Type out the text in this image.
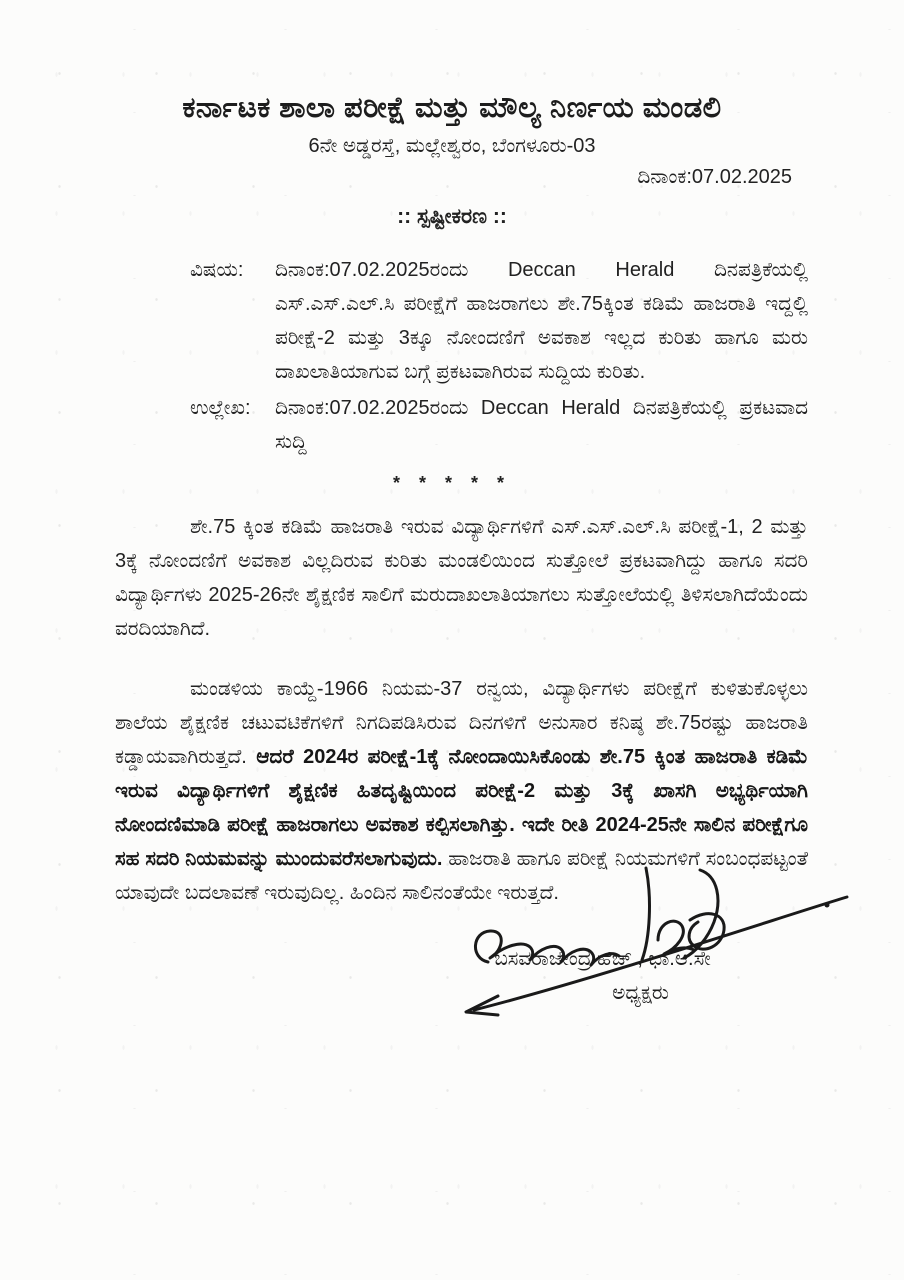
ಕರ್ನಾಟಕ ಶಾಲಾ ಪರೀಕ್ಷೆ ಮತ್ತು ಮೌಲ್ಯ ನಿರ್ಣಯ ಮಂಡಲಿ
6ನೇ ಅಡ್ಡರಸ್ತೆ, ಮಲ್ಲೇಶ್ವರಂ, ಬೆಂಗಳೂರು-03
ದಿನಾಂಕ:07.02.2025
:: ಸ್ಪಷ್ಟೀಕರಣ ::
ವಿಷಯ:	ದಿನಾಂಕ:07.02.2025ರಂದು Deccan Herald ದಿನಪತ್ರಿಕೆಯಲ್ಲಿ ಎಸ್.ಎಸ್.ಎಲ್.ಸಿ ಪರೀಕ್ಷೆಗೆ ಹಾಜರಾಗಲು ಶೇ.75ಕ್ಕಿಂತ ಕಡಿಮೆ ಹಾಜರಾತಿ ಇದ್ದಲ್ಲಿ ಪರೀಕ್ಷೆ-2 ಮತ್ತು 3ಕ್ಕೂ ನೋಂದಣಿಗೆ ಅವಕಾಶ ಇಲ್ಲದ ಕುರಿತು ಹಾಗೂ ಮರು ದಾಖಲಾತಿಯಾಗುವ ಬಗ್ಗೆ ಪ್ರಕಟವಾಗಿರುವ ಸುದ್ದಿಯ ಕುರಿತು.
ಉಲ್ಲೇಖ:	ದಿನಾಂಕ:07.02.2025ರಂದು Deccan Herald ದಿನಪತ್ರಿಕೆಯಲ್ಲಿ ಪ್ರಕಟವಾದ ಸುದ್ದಿ
* * * * *

ಶೇ.75 ಕ್ಕಿಂತ ಕಡಿಮೆ ಹಾಜರಾತಿ ಇರುವ ವಿದ್ಯಾರ್ಥಿಗಳಿಗೆ ಎಸ್.ಎಸ್.ಎಲ್.ಸಿ ಪರೀಕ್ಷೆ-1, 2 ಮತ್ತು 3ಕ್ಕೆ ನೋಂದಣಿಗೆ ಅವಕಾಶ ವಿಲ್ಲದಿರುವ ಕುರಿತು ಮಂಡಲಿಯಿಂದ ಸುತ್ತೋಲೆ ಪ್ರಕಟವಾಗಿದ್ದು ಹಾಗೂ ಸದರಿ ವಿದ್ಯಾರ್ಥಿಗಳು 2025-26ನೇ ಶೈಕ್ಷಣಿಕ ಸಾಲಿಗೆ ಮರುದಾಖಲಾತಿಯಾಗಲು ಸುತ್ತೋಲೆಯಲ್ಲಿ ತಿಳಿಸಲಾಗಿದೆಯೆಂದು ವರದಿಯಾಗಿದೆ.

ಮಂಡಳಿಯ ಕಾಯ್ದೆ-1966 ನಿಯಮ-37 ರನ್ವಯ, ವಿದ್ಯಾರ್ಥಿಗಳು ಪರೀಕ್ಷೆಗೆ ಕುಳಿತುಕೊಳ್ಳಲು ಶಾಲೆಯ ಶೈಕ್ಷಣಿಕ ಚಟುವಟಿಕೆಗಳಿಗೆ ನಿಗದಿಪಡಿಸಿರುವ ದಿನಗಳಿಗೆ ಅನುಸಾರ ಕನಿಷ್ಠ ಶೇ.75ರಷ್ಟು ಹಾಜರಾತಿ ಕಡ್ಡಾಯವಾಗಿರುತ್ತದೆ. ಆದರೆ 2024ರ ಪರೀಕ್ಷೆ-1ಕ್ಕೆ ನೋಂದಾಯಿಸಿಕೊಂಡು ಶೇ.75 ಕ್ಕಿಂತ ಹಾಜರಾತಿ ಕಡಿಮೆ ಇರುವ ವಿದ್ಯಾರ್ಥಿಗಳಿಗೆ ಶೈಕ್ಷಣಿಕ ಹಿತದೃಷ್ಟಿಯಿಂದ ಪರೀಕ್ಷೆ-2 ಮತ್ತು 3ಕ್ಕೆ ಖಾಸಗಿ ಅಭ್ಯರ್ಥಿಯಾಗಿ ನೋಂದಣಿಮಾಡಿ ಪರೀಕ್ಷೆ ಹಾಜರಾಗಲು ಅವಕಾಶ ಕಲ್ಪಿಸಲಾಗಿತ್ತು. ಇದೇ ರೀತಿ 2024-25ನೇ ಸಾಲಿನ ಪರೀಕ್ಷೆಗೂ ಸಹ ಸದರಿ ನಿಯಮವನ್ನು ಮುಂದುವರೆಸಲಾಗುವುದು. ಹಾಜರಾತಿ ಹಾಗೂ ಪರೀಕ್ಷೆ ನಿಯಮಗಳಿಗೆ ಸಂಬಂಧಪಟ್ಟಂತೆ ಯಾವುದೇ ಬದಲಾವಣೆ ಇರುವುದಿಲ್ಲ. ಹಿಂದಿನ ಸಾಲಿನಂತೆಯೇ ಇರುತ್ತದೆ.

ಬಸವರಾಜೇಂದ್ರ ಹೆಚ್., ಭಾ.ಆ.ಸೇ
ಅಧ್ಯಕ್ಷರು
